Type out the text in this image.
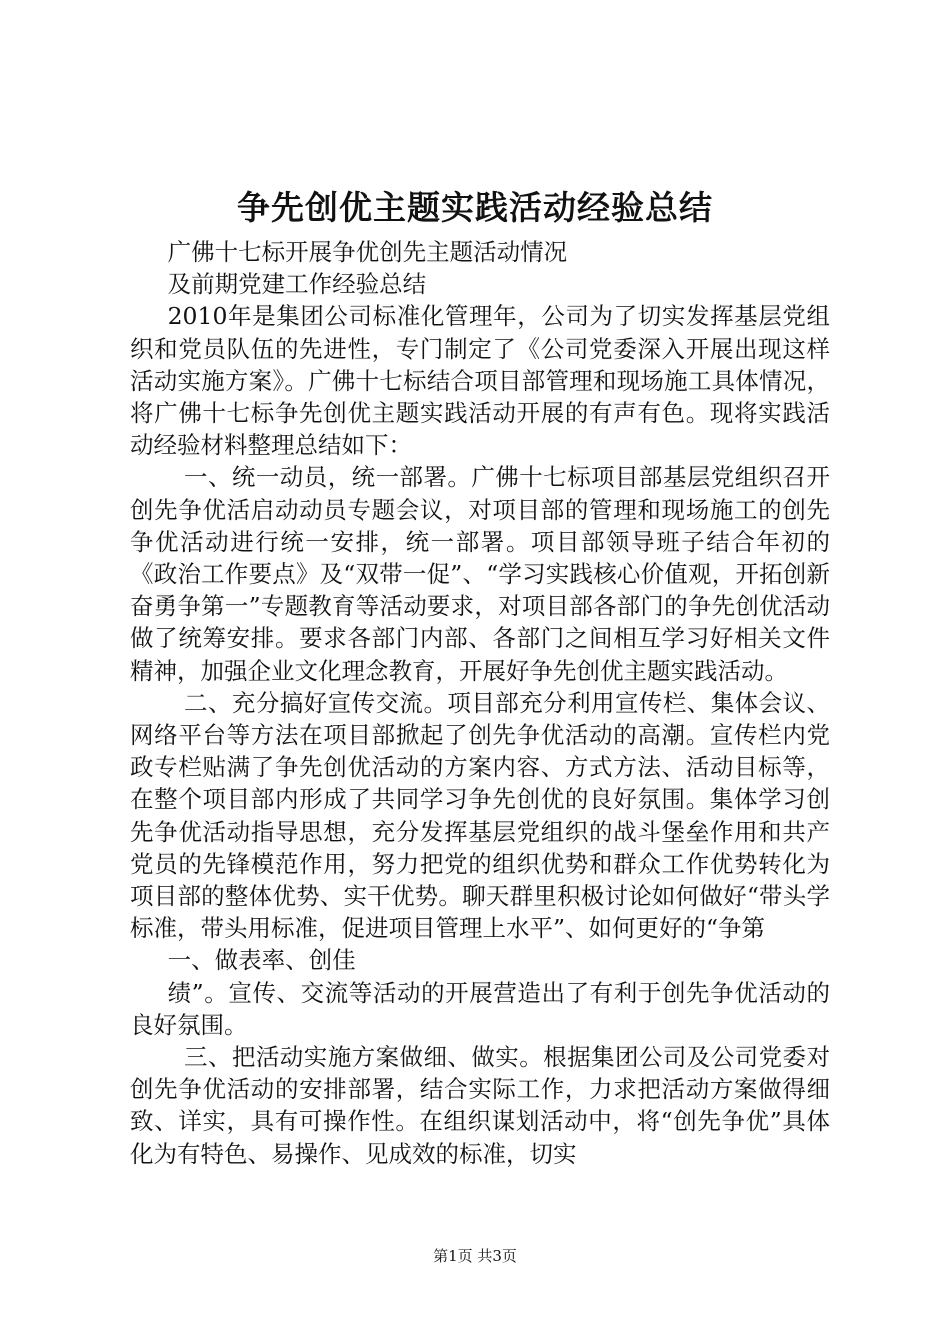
争先创优主题实践活动经验总结

广佛十七标开展争优创先主题活动情况

及前期党建工作经验总结

2010年是集团公司标准化管理年，公司为了切实发挥基层党组织和党员队伍的先进性，专门制定了《公司党委深入开展出现这样活动实施方案》。广佛十七标结合项目部管理和现场施工具体情况，将广佛十七标争先创优主题实践活动开展的有声有色。现将实践活动经验材料整理总结如下：

一、统一动员，统一部署。广佛十七标项目部基层党组织召开创先争优活启动动员专题会议，对项目部的管理和现场施工的创先争优活动进行统一安排，统一部署。项目部领导班子结合年初的《政治工作要点》及“双带一促”、“学习实践核心价值观，开拓创新奋勇争第一”专题教育等活动要求，对项目部各部门的争先创优活动做了统筹安排。要求各部门内部、各部门之间相互学习好相关文件精神，加强企业文化理念教育，开展好争先创优主题实践活动。

二、充分搞好宣传交流。项目部充分利用宣传栏、集体会议、网络平台等方法在项目部掀起了创先争优活动的高潮。宣传栏内党政专栏贴满了争先创优活动的方案内容、方式方法、活动目标等，在整个项目部内形成了共同学习争先创优的良好氛围。集体学习创先争优活动指导思想，充分发挥基层党组织的战斗堡垒作用和共产党员的先锋模范作用，努力把党的组织优势和群众工作优势转化为项目部的整体优势、实干优势。聊天群里积极讨论如何做好“带头学标准，带头用标准，促进项目管理上水平”、如何更好的“争第

一、做表率、创佳

绩”。宣传、交流等活动的开展营造出了有利于创先争优活动的良好氛围。

三、把活动实施方案做细、做实。根据集团公司及公司党委对创先争优活动的安排部署，结合实际工作，力求把活动方案做得细致、详实，具有可操作性。在组织谋划活动中，将“创先争优”具体化为有特色、易操作、见成效的标准，切实

第1页 共3页
